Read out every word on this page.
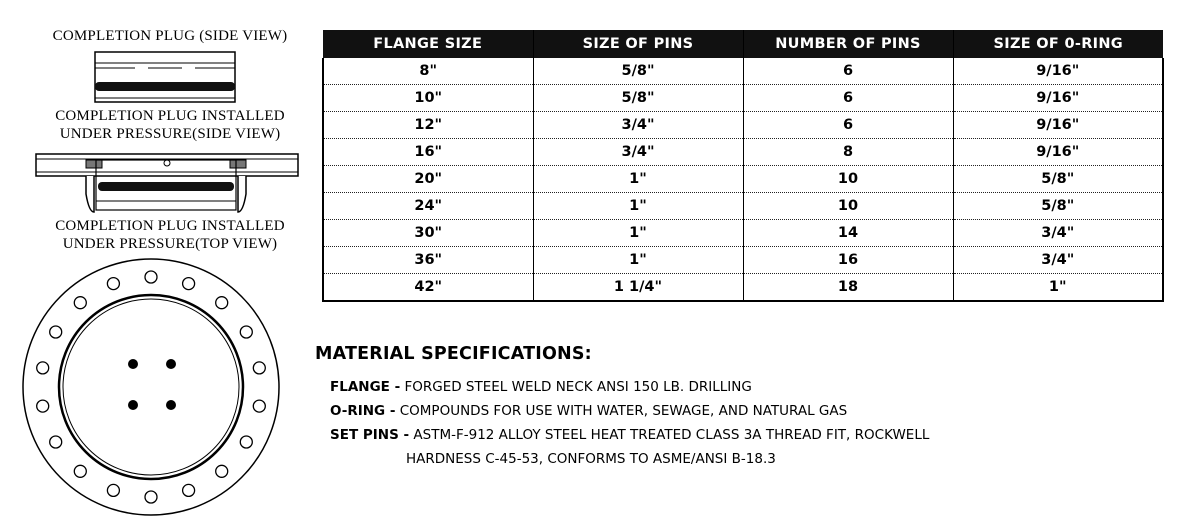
COMPLETION PLUG (SIDE VIEW)
COMPLETION PLUG INSTALLED
UNDER PRESSURE(SIDE VIEW)
COMPLETION PLUG INSTALLED
UNDER PRESSURE(TOP VIEW)
FLANGE SIZE	SIZE OF PINS	NUMBER OF PINS	SIZE OF 0-RING
8"	5/8"	6	9/16"
10"	5/8"	6	9/16"
12"	3/4"	6	9/16"
16"	3/4"	8	9/16"
20"	1"	10	5/8"
24"	1"	10	5/8"
30"	1"	14	3/4"
36"	1"	16	3/4"
42"	1 1/4"	18	1"
MATERIAL SPECIFICATIONS:
FLANGE - FORGED STEEL WELD NECK ANSI 150 LB. DRILLING
O-RING - COMPOUNDS FOR USE WITH WATER, SEWAGE, AND NATURAL GAS
SET PINS - ASTM-F-912 ALLOY STEEL HEAT TREATED CLASS 3A THREAD FIT, ROCKWELL
HARDNESS C-45-53, CONFORMS TO ASME/ANSI B-18.3
